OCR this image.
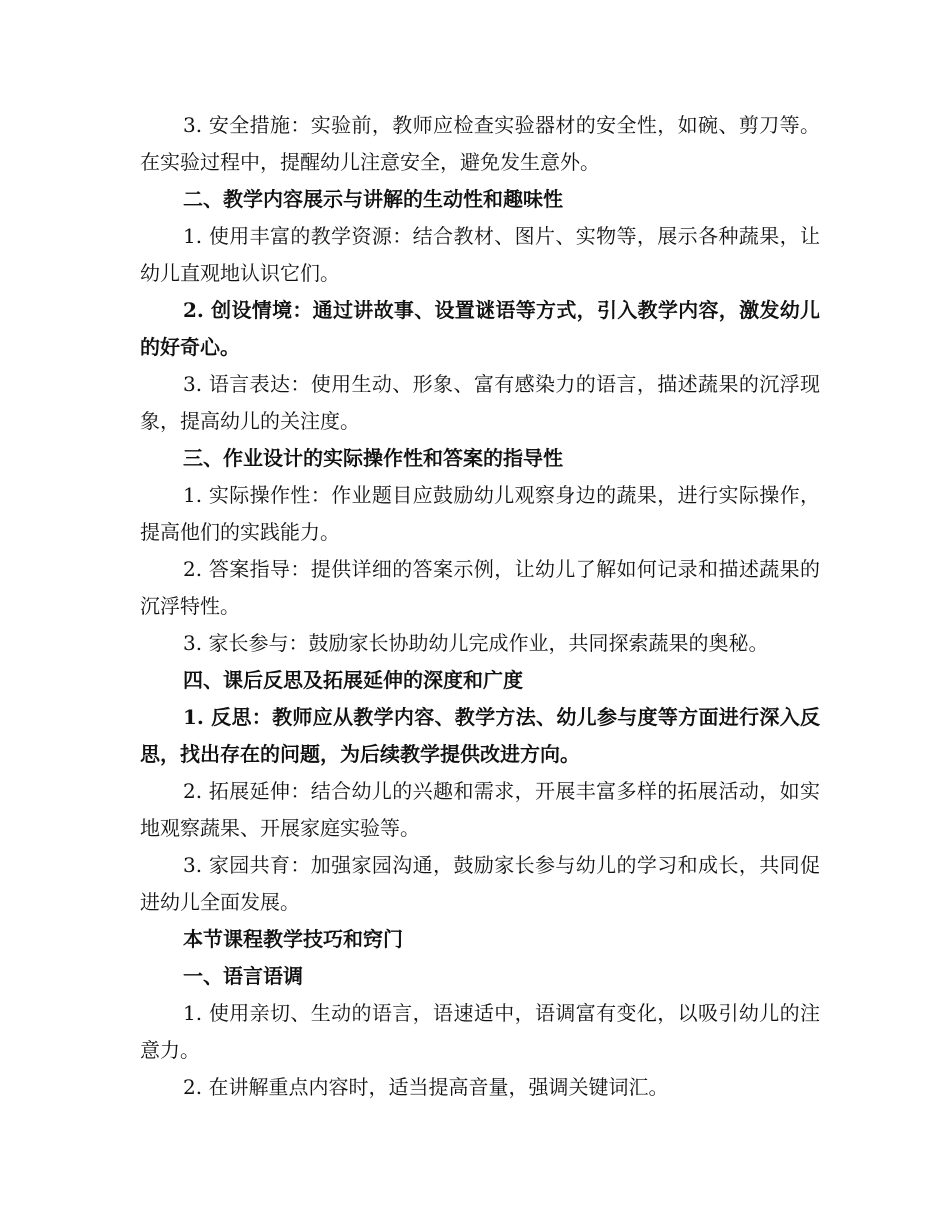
3. 安全措施：实验前，教师应检查实验器材的安全性，如碗、剪刀等。在实验过程中，提醒幼儿注意安全，避免发生意外。

二、教学内容展示与讲解的生动性和趣味性

1. 使用丰富的教学资源：结合教材、图片、实物等，展示各种蔬果，让幼儿直观地认识它们。

2. 创设情境：通过讲故事、设置谜语等方式，引入教学内容，激发幼儿的好奇心。

3. 语言表达：使用生动、形象、富有感染力的语言，描述蔬果的沉浮现象，提高幼儿的关注度。

三、作业设计的实际操作性和答案的指导性

1. 实际操作性：作业题目应鼓励幼儿观察身边的蔬果，进行实际操作，提高他们的实践能力。

2. 答案指导：提供详细的答案示例，让幼儿了解如何记录和描述蔬果的沉浮特性。

3. 家长参与：鼓励家长协助幼儿完成作业，共同探索蔬果的奥秘。

四、课后反思及拓展延伸的深度和广度

1. 反思：教师应从教学内容、教学方法、幼儿参与度等方面进行深入反思，找出存在的问题，为后续教学提供改进方向。

2. 拓展延伸：结合幼儿的兴趣和需求，开展丰富多样的拓展活动，如实地观察蔬果、开展家庭实验等。

3. 家园共育：加强家园沟通，鼓励家长参与幼儿的学习和成长，共同促进幼儿全面发展。

本节课程教学技巧和窍门

一、语言语调

1. 使用亲切、生动的语言，语速适中，语调富有变化，以吸引幼儿的注意力。

2. 在讲解重点内容时，适当提高音量，强调关键词汇。
